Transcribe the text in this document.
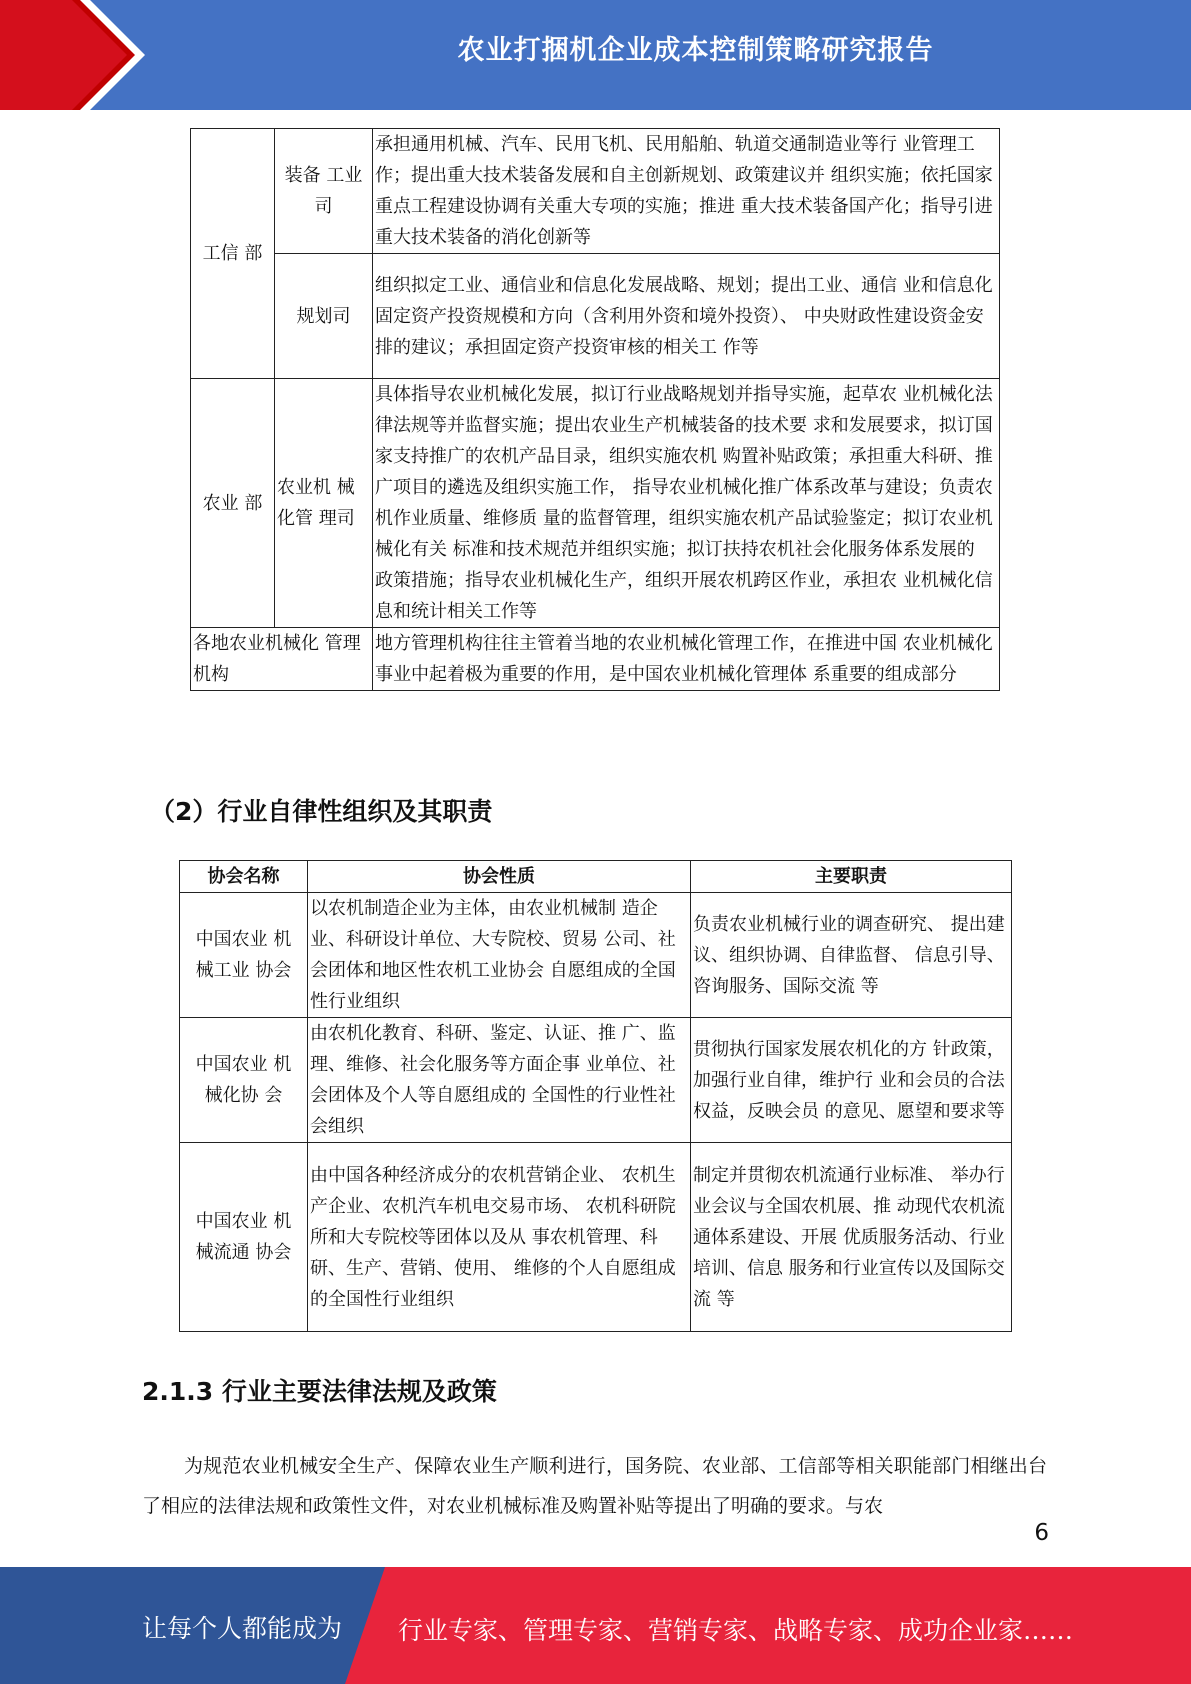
农业打捆机企业成本控制策略研究报告
工信 部	装备 工业司	承担通用机械、汽车、民用飞机、民用船舶、轨道交通制造业等行 业管理工作；提出重大技术装备发展和自主创新规划、政策建议并 组织实施；依托国家重点工程建设协调有关重大专项的实施；推进 重大技术装备国产化；指导引进重大技术装备的消化创新等
	规划司	组织拟定工业、通信业和信息化发展战略、规划；提出工业、通信 业和信息化固定资产投资规模和方向（含利用外资和境外投资）、 中央财政性建设资金安排的建议；承担固定资产投资审核的相关工 作等
农业 部	农业机 械化管 理司	具体指导农业机械化发展，拟订行业战略规划并指导实施，起草农 业机械化法律法规等并监督实施；提出农业生产机械装备的技术要 求和发展要求，拟订国家支持推广的农机产品目录，组织实施农机 购置补贴政策；承担重大科研、推广项目的遴选及组织实施工作， 指导农业机械化推广体系改革与建设；负责农机作业质量、维修质 量的监督管理，组织实施农机产品试验鉴定；拟订农业机械化有关 标准和技术规范并组织实施；拟订扶持农机社会化服务体系发展的 政策措施；指导农业机械化生产，组织开展农机跨区作业，承担农 业机械化信息和统计相关工作等
各地农业机械化 管理机构		地方管理机构往往主管着当地的农业机械化管理工作，在推进中国 农业机械化事业中起着极为重要的作用，是中国农业机械化管理体 系重要的组成部分
（2）行业自律性组织及其职责
协会名称	协会性质	主要职责
中国农业 机械工业 协会	以农机制造企业为主体，由农业机械制 造企业、科研设计单位、大专院校、贸易 公司、社会团体和地区性农机工业协会 自愿组成的全国性行业组织	负责农业机械行业的调查研究、 提出建议、组织协调、自律监督、 信息引导、咨询服务、国际交流 等
中国农业 机械化协 会	由农机化教育、科研、鉴定、认证、推 广、监理、维修、社会化服务等方面企事 业单位、社会团体及个人等自愿组成的 全国性的行业性社会组织	贯彻执行国家发展农机化的方 针政策，加强行业自律，维护行 业和会员的合法权益，反映会员 的意见、愿望和要求等
中国农业 机械流通 协会	由中国各种经济成分的农机营销企业、 农机生产企业、农机汽车机电交易市场、 农机科研院所和大专院校等团体以及从 事农机管理、科研、生产、营销、使用、 维修的个人自愿组成的全国性行业组织	制定并贯彻农机流通行业标准、 举办行业会议与全国农机展、推 动现代农机流通体系建设、开展 优质服务活动、行业培训、信息 服务和行业宣传以及国际交流 等
2.1.3 行业主要法律法规及政策
为规范农业机械安全生产、保障农业生产顺利进行，国务院、农业部、工信部等相关职能部门相继出台了相应的法律法规和政策性文件，对农业机械标准及购置补贴等提出了明确的要求。与农
6
让每个人都能成为 行业专家、管理专家、营销专家、战略专家、成功企业家……
